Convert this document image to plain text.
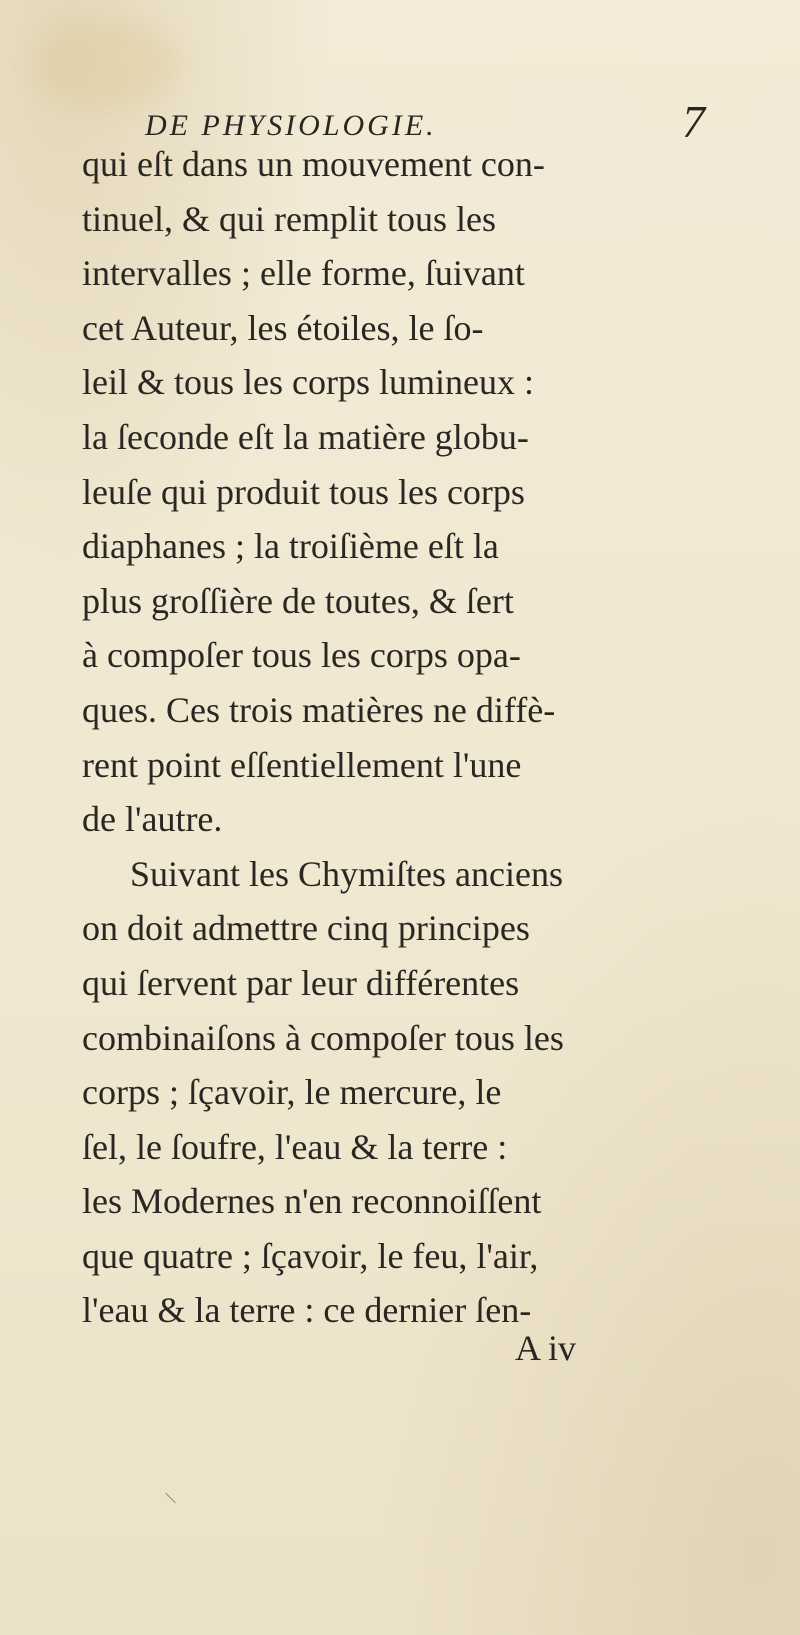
DE PHYSIOLOGIE.	7
qui eſt dans un mouvement con-
tinuel, & qui remplit tous les
intervalles ; elle forme, ſuivant
cet Auteur, les étoiles, le ſo-
leil & tous les corps lumineux :
la ſeconde eſt la matière globu-
leuſe qui produit tous les corps
diaphanes ; la troiſième eſt la
plus groſſière de toutes, & ſert
à compoſer tous les corps opa-
ques. Ces trois matières ne diffè-
rent point eſſentiellement l'une
de l'autre.
Suivant les Chymiſtes anciens
on doit admettre cinq principes
qui ſervent par leur différentes
combinaiſons à compoſer tous les
corps ; ſçavoir, le mercure, le
ſel, le ſoufre, l'eau & la terre :
les Modernes n'en reconnoiſſent
que quatre ; ſçavoir, le feu, l'air,
l'eau & la terre : ce dernier ſen-
A iv
